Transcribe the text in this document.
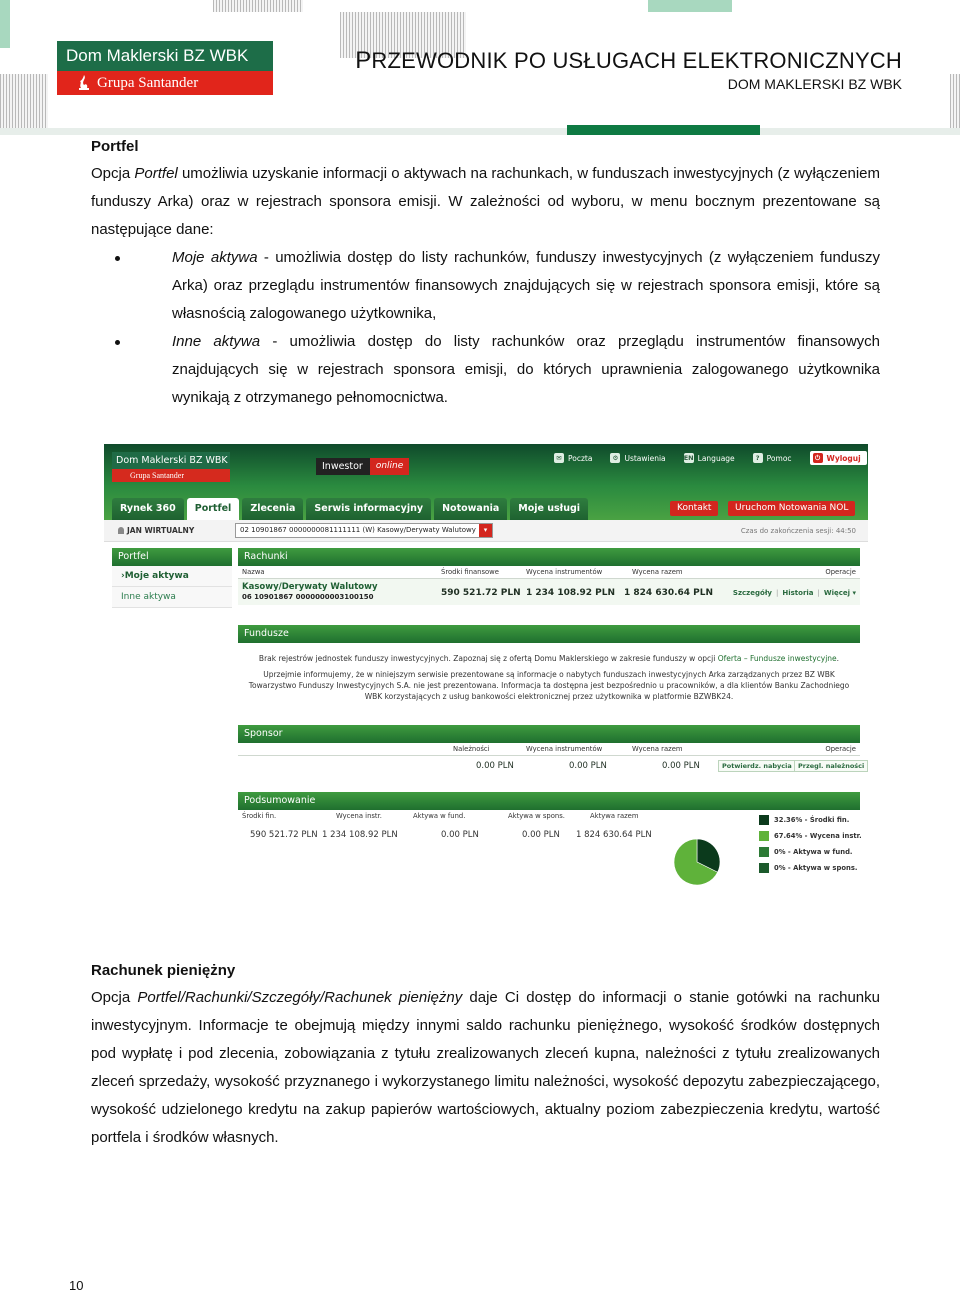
Dom Maklerski BZ WBK
Grupa Santander
PRZEWODNIK PO USŁUGACH ELEKTRONICZNYCH
DOM MAKLERSKI BZ WBK
Portfel
Opcja Portfel umożliwia uzyskanie informacji o aktywach na rachunkach, w funduszach inwestycyjnych (z wyłączeniem funduszy Arka) oraz w rejestrach sponsora emisji. W zależności od wyboru, w menu bocznym prezentowane są następujące dane:
Moje aktywa - umożliwia dostęp do listy rachunków, funduszy inwestycyjnych (z wyłączeniem funduszy Arka) oraz przeglądu instrumentów finansowych znajdujących się w rejestrach sponsora emisji, które są własnością zalogowanego użytkownika,
Inne aktywa - umożliwia dostęp do listy rachunków oraz przeglądu instrumentów finansowych znajdujących się w rejestrach sponsora emisji, do których uprawnienia zalogowanego użytkownika wynikają z otrzymanego pełnomocnictwa.
Dom Maklerski BZ WBK
Grupa Santander
Inwestor	online
✉ Poczta	⚙ Ustawienia	EN Language	? Pomoc	⏻ Wyloguj
Rynek 360	Portfel	Zlecenia	Serwis informacyjny	Notowania	Moje usługi	Kontakt	Uruchom Notowania NOL
JAN WIRTUALNY	02 10901867 0000000081111111 (W) Kasowy/Derywaty Walutowy	▾	Czas do zakończenia sesji: 44:50
Portfel
›Moje aktywa
Inne aktywa
Rachunki
Nazwa	Środki finansowe	Wycena instrumentów	Wycena razem	Operacje
Kasowy/Derywaty Walutowy
06 10901867 0000000003100150	590 521.72 PLN 1 234 108.92 PLN 1 824 630.64 PLN	Szczegóły | Historia | Więcej ▾
Fundusze
Brak rejestrów jednostek funduszy inwestycyjnych. Zapoznaj się z ofertą Domu Maklerskiego w zakresie funduszy w opcji Oferta – Fundusze inwestycyjne.
Uprzejmie informujemy, że w niniejszym serwisie prezentowane są informacje o nabytych funduszach inwestycyjnych Arka zarządzanych przez BZ WBK Towarzystwo Funduszy Inwestycyjnych S.A. nie jest prezentowana. Informacja ta dostępna jest bezpośrednio u pracowników, a dla klientów Banku Zachodniego WBK korzystających z usług bankowości elektronicznej przez użytkownika w platformie BZWBK24.
Sponsor
Należności	Wycena instrumentów	Wycena razem	Operacje
0.00 PLN	0.00 PLN	0.00 PLN	Potwierdz. nabycia Przegl. należności
Podsumowanie
Środki fin.	Wycena instr.	Aktywa w fund.	Aktywa w spons.	Aktywa razem
590 521.72 PLN 1 234 108.92 PLN	0.00 PLN	0.00 PLN 1 824 630.64 PLN
32.36% - Środki fin.
67.64% - Wycena instr.
0% - Aktywa w fund.
0% - Aktywa w spons.
Rachunek pieniężny
Opcja Portfel/Rachunki/Szczegóły/Rachunek pieniężny daje Ci dostęp do informacji o stanie gotówki na rachunku inwestycyjnym. Informacje te obejmują między innymi saldo rachunku pieniężnego, wysokość środków dostępnych pod wypłatę i pod zlecenia, zobowiązania z tytułu zrealizowanych zleceń kupna, należności z tytułu zrealizowanych zleceń sprzedaży, wysokość przyznanego i wykorzystanego limitu należności, wysokość depozytu zabezpieczającego, wysokość udzielonego kredytu na zakup papierów wartościowych, aktualny poziom zabezpieczenia kredytu, wartość portfela i środków własnych.
10
